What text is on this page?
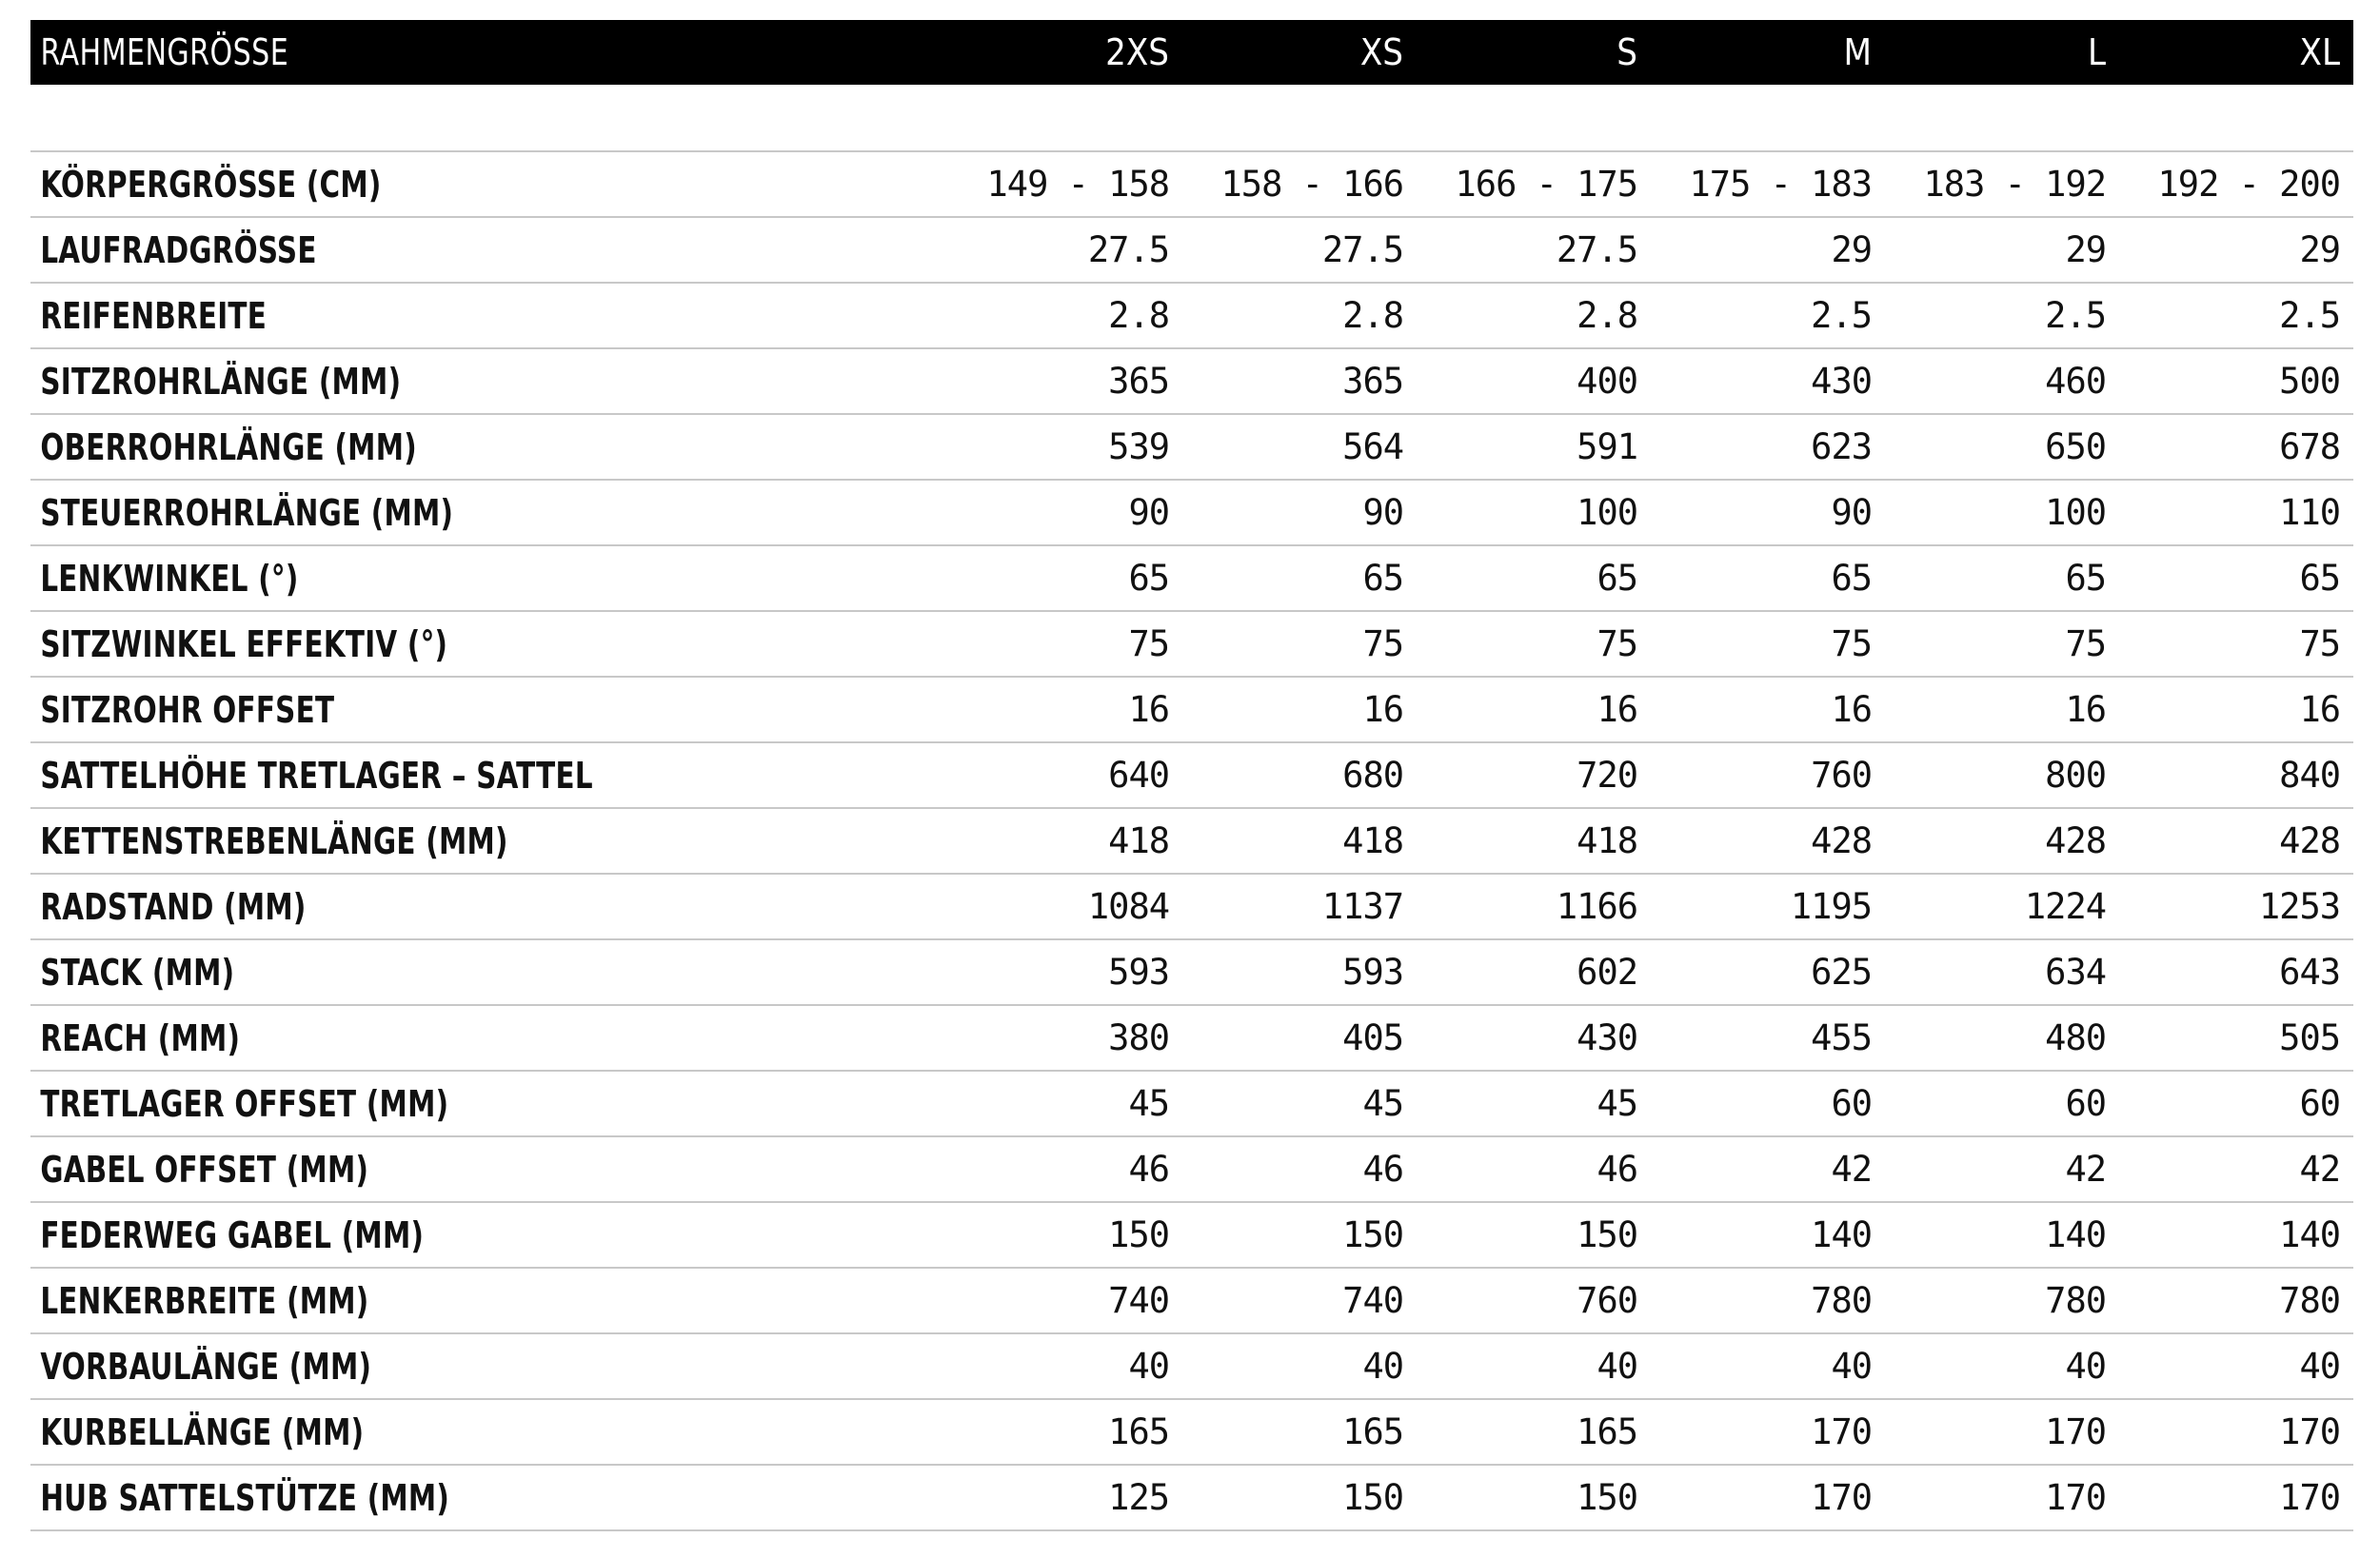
RAHMENGRÖSSE	2XS	XS	S	M	L	XL
KÖRPERGRÖSSE (CM)	149 - 158	158 - 166	166 - 175	175 - 183	183 - 192	192 - 200
LAUFRADGRÖSSE	27.5	27.5	27.5	29	29	29
REIFENBREITE	2.8	2.8	2.8	2.5	2.5	2.5
SITZROHRLÄNGE (MM)	365	365	400	430	460	500
OBERROHRLÄNGE (MM)	539	564	591	623	650	678
STEUERROHRLÄNGE (MM)	90	90	100	90	100	110
LENKWINKEL (°)	65	65	65	65	65	65
SITZWINKEL EFFEKTIV (°)	75	75	75	75	75	75
SITZROHR OFFSET	16	16	16	16	16	16
SATTELHÖHE TRETLAGER – SATTEL	640	680	720	760	800	840
KETTENSTREBENLÄNGE (MM)	418	418	418	428	428	428
RADSTAND (MM)	1084	1137	1166	1195	1224	1253
STACK (MM)	593	593	602	625	634	643
REACH (MM)	380	405	430	455	480	505
TRETLAGER OFFSET (MM)	45	45	45	60	60	60
GABEL OFFSET (MM)	46	46	46	42	42	42
FEDERWEG GABEL (MM)	150	150	150	140	140	140
LENKERBREITE (MM)	740	740	760	780	780	780
VORBAULÄNGE (MM)	40	40	40	40	40	40
KURBELLÄNGE (MM)	165	165	165	170	170	170
HUB SATTELSTÜTZE (MM)	125	150	150	170	170	170
